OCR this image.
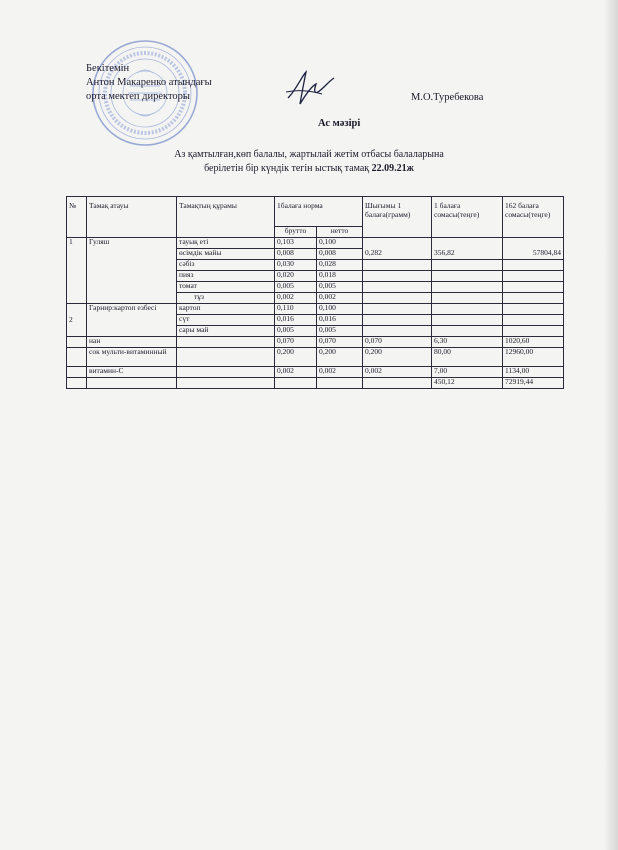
Бекітемін
Антон Макаренко атындағы
орта мектеп директоры	М.О.Туребекова
Ас мәзірі
Аз қамтылған,көп балалы, жартылай жетім отбасы балаларына
берілетін бір күндік тегін ыстық тамақ 22.09.21ж
№	Тамақ атауы	Тамақтың құрамы	1балаға норма		Шығымы 1 балаға(грамм)	1 балаға сомасы(теңге)	162 балаға сомасы(теңге)
			брутто	нетто			
1	Гуляш	тауық еті	0,103	0,100			
		өсімдік майы	0,008	0,008	0,282	356,82	57804,84
		сәбіз	0,030	0,028			
		пияз	0,020	0,018			
		томат	0,005	0,005			
		тұз	0,002	0,002			
2	Гарнир:картоп езбесі	картоп	0,110	0,100			
		сүт	0,016	0,016			
		сары май	0,005	0,005			
	нан		0,070	0,070	0,070	6,30	1020,60
	сок мульти-витаминный		0,200	0,200	0,200	80,00	12960,00
	витамин-С		0,002	0,002	0,002	7,00	1134,00
						450,12	72919,44
